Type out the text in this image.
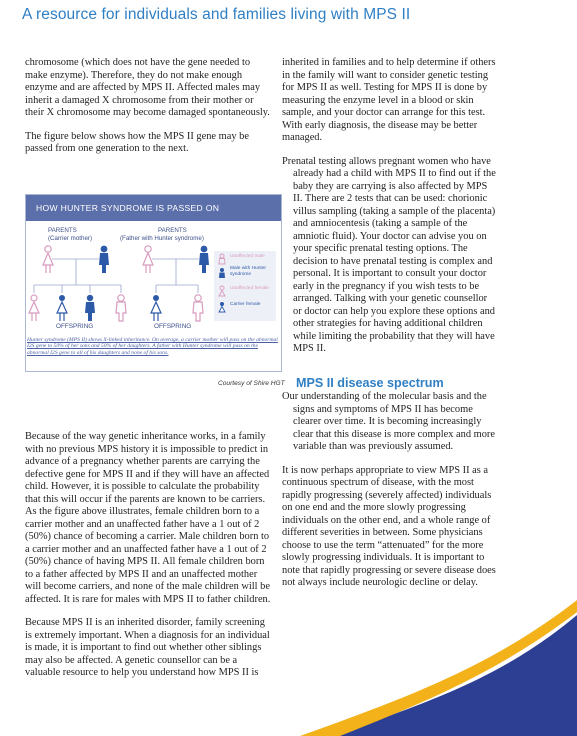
A resource for individuals and families living with MPS II

chromosome (which does not have the gene needed to make enzyme). Therefore, they do not make enough enzyme and are affected by MPS II. Affected males may inherit a damaged X chromosome from their mother or their X chromosome may become damaged spontaneously.

The figure below shows how the MPS II gene may be passed from one generation to the next.

HOW HUNTER SYNDROME IS PASSED ON
PARENTS
(Carrier mother)
PARENTS
(Father with Hunter syndrome)
OFFSPRING	OFFSPRING
Unaffected male
Male with Hunter syndrome
Unaffected female
Carrier female
Hunter syndrome (MPS II) shows X-linked inheritance. On average, a carrier mother will pass on the abnormal I2S gene to 50% of her sons and 50% of her daughters. A father with Hunter syndrome will pass on the abnormal I2S gene to all of his daughters and none of his sons.
Courtesy of Shire HGT

Because of the way genetic inheritance works, in a family with no previous MPS history it is impossible to predict in advance of a pregnancy whether parents are carrying the defective gene for MPS II and if they will have an affected child. However, it is possible to calculate the probability that this will occur if the parents are known to be carriers. As the figure above illustrates, female children born to a carrier mother and an unaffected father have a 1 out of 2 (50%) chance of becoming a carrier. Male children born to a carrier mother and an unaffected father have a 1 out of 2 (50%) chance of having MPS II. All female children born to a father affected by MPS II and an unaffected mother will become carriers, and none of the male children will be affected. It is rare for males with MPS II to father children.

Because MPS II is an inherited disorder, family screening is extremely important. When a diagnosis for an individual is made, it is important to find out whether other siblings may also be affected. A genetic counsellor can be a valuable resource to help you understand how MPS II is

inherited in families and to help determine if others in the family will want to consider genetic testing for MPS II as well. Testing for MPS II is done by measuring the enzyme level in a blood or skin sample, and your doctor can arrange for this test. With early diagnosis, the disease may be better managed.

Prenatal testing allows pregnant women who have already had a child with MPS II to find out if the baby they are carrying is also affected by MPS II. There are 2 tests that can be used: chorionic villus sampling (taking a sample of the placenta) and amniocentesis (taking a sample of the amniotic fluid). Your doctor can advise you on your specific prenatal testing options. The decision to have prenatal testing is complex and personal. It is important to consult your doctor early in the pregnancy if you wish tests to be arranged. Talking with your genetic counsellor or doctor can help you explore these options and other strategies for having additional children while limiting the probability that they will have MPS II.

MPS II disease spectrum

Our understanding of the molecular basis and the signs and symptoms of MPS II has become clearer over time. It is becoming increasingly clear that this disease is more complex and more variable than was previously assumed.

It is now perhaps appropriate to view MPS II as a continuous spectrum of disease, with the most rapidly progressing (severely affected) individuals on one end and the more slowly progressing individuals on the other end, and a whole range of different severities in between. Some physicians choose to use the term “attenuated” for the more slowly progressing individuals. It is important to note that rapidly progressing or severe disease does not always include neurologic decline or delay.
